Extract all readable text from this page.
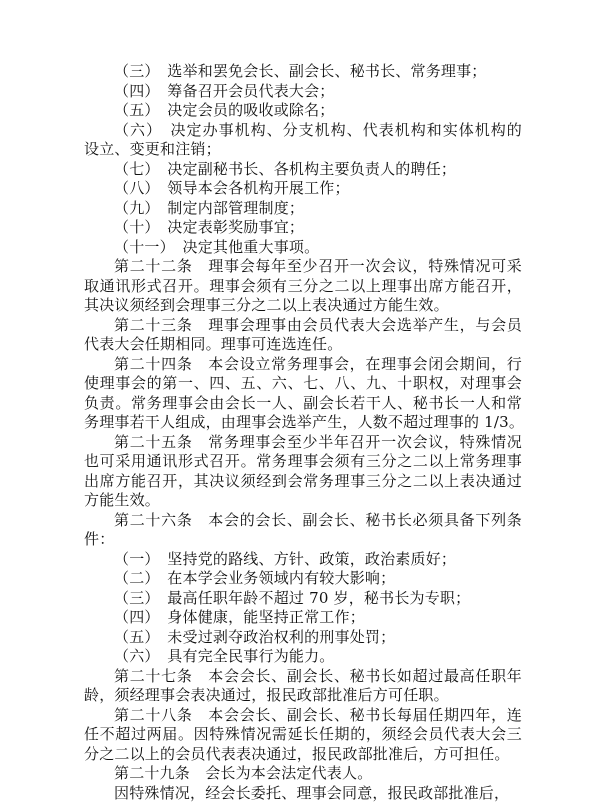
（三）　选举和罢免会长、副会长、秘书长、常务理事；
（四）　筹备召开会员代表大会；
（五）　决定会员的吸收或除名；
（六）　决定办事机构、分支机构、代表机构和实体机构的
设立、变更和注销；
（七）　决定副秘书长、各机构主要负责人的聘任；
（八）　领导本会各机构开展工作；
（九）　制定内部管理制度；
（十）　决定表彰奖励事宜；
（十一）　决定其他重大事项。
第二十二条　理事会每年至少召开一次会议，特殊情况可采
取通讯形式召开。理事会须有三分之二以上理事出席方能召开，
其决议须经到会理事三分之二以上表决通过方能生效。
第二十三条　理事会理事由会员代表大会选举产生，与会员
代表大会任期相同。理事可连选连任。
第二十四条　本会设立常务理事会，在理事会闭会期间，行
使理事会的第一、四、五、六、七、八、九、十职权，对理事会
负责。常务理事会由会长一人、副会长若干人、秘书长一人和常
务理事若干人组成，由理事会选举产生，人数不超过理事的 1/3。
第二十五条　常务理事会至少半年召开一次会议，特殊情况
也可采用通讯形式召开。常务理事会须有三分之二以上常务理事
出席方能召开，其决议须经到会常务理事三分之二以上表决通过
方能生效。
第二十六条　本会的会长、副会长、秘书长必须具备下列条
件：
（一）　坚持党的路线、方针、政策，政治素质好；
（二）　在本学会业务领域内有较大影响；
（三）　最高任职年龄不超过 70 岁，秘书长为专职；
（四）　身体健康，能坚持正常工作；
（五）　未受过剥夺政治权利的刑事处罚；
（六）　具有完全民事行为能力。
第二十七条　本会会长、副会长、秘书长如超过最高任职年
龄，须经理事会表决通过，报民政部批准后方可任职。
第二十八条　本会会长、副会长、秘书长每届任期四年，连
任不超过两届。因特殊情况需延长任期的，须经会员代表大会三
分之二以上的会员代表表决通过，报民政部批准后，方可担任。
第二十九条　会长为本会法定代表人。
因特殊情况，经会长委托、理事会同意，报民政部批准后，
